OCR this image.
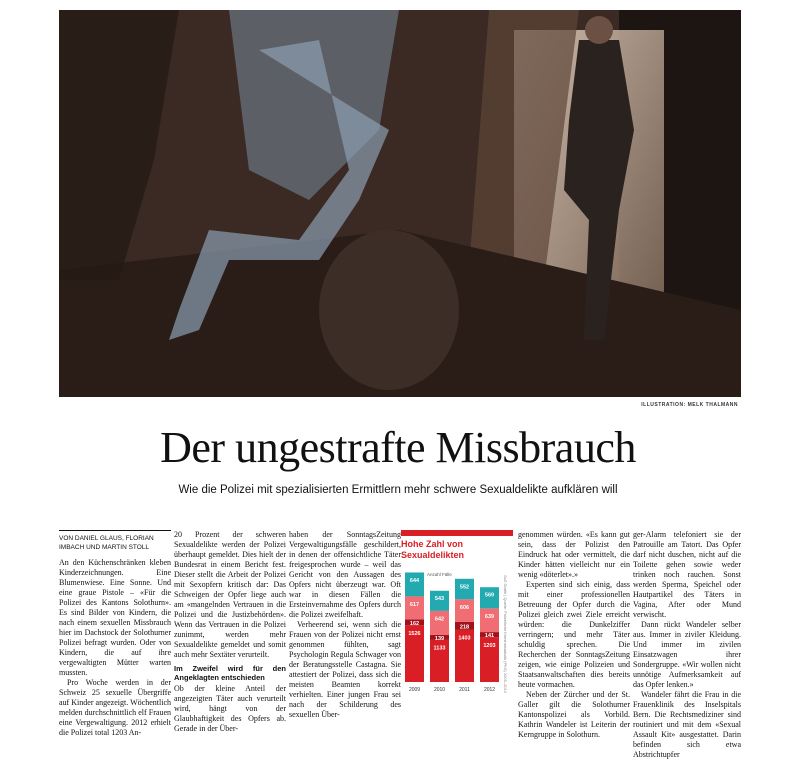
ILLUSTRATION: MELK THALMANN
Der ungestrafte Missbrauch
Wie die Polizei mit spezialisierten Ermittlern mehr schwere Sexualdelikte aufklären will
VON DANIEL GLAUS, FLORIAN
IMBACH UND MARTIN STOLL

An den Küchenschränken kleben Kinderzeichnungen. Eine Blumenwiese. Eine Sonne. Und eine graue Pistole – «Für die Polizei des Kantons Solothurn». Es sind Bilder von Kindern, die nach einem sexuellen Missbrauch hier im Dachstock der Solothurner Polizei befragt wurden. Oder von Kindern, die auf ihre vergewaltigten Mütter warten mussten.

Pro Woche werden in der Schweiz 25 sexuelle Übergriffe auf Kinder angezeigt. Wöchentlich melden durchschnittlich elf Frauen eine Vergewaltigung. 2012 erhielt die Polizei total 1203 An-

20 Prozent der schweren Sexualdelikte werden der Polizei überhaupt gemeldet. Dies hielt der Bundesrat in einem Bericht fest. Dieser stellt die Arbeit der Polizei mit Sexopfern kritisch dar: Das Schweigen der Opfer liege auch am «mangelnden Vertrauen in die Polizei und die Justizbehörden». Wenn das Vertrauen in die Polizei zunimmt, werden mehr Sexualdelikte gemeldet und somit auch mehr Sextäter verurteilt.

Im Zweifel wird für den Angeklagten entschieden

Ob der kleine Anteil der angezeigten Täter auch verurteilt wird, hängt von der Glaubhaftigkeit des Opfers ab. Gerade in der Über-

haben der SonntagsZeitung Vergewaltigungsfälle geschildert, in denen der offensichtliche Täter freigesprochen wurde – weil das Gericht von den Aussagen des Opfers nicht überzeugt war. Oft war in diesen Fällen die Ersteinvernahme des Opfers durch die Polizei zweifelhaft.

Verheerend sei, wenn sich die Frauen von der Polizei nicht ernst genommen fühlten, sagt Psychologin Regula Schwager von der Beratungsstelle Castagna. Sie attestiert der Polizei, dass sich die meisten Beamten korrekt verhielten. Einer jungen Frau sei nach der Schilderung des sexuellen Über-

Hohe Zahl von Sexualdelikten
1526
162
617
644
2009
1133
139
642
543
2010
1403
218
606
552
2011
1203
141
639
569
2012
Anzahl Fälle
SoZ Grafik | Quelle: Polizeiliche Kriminalstatistik (PKS) 2009–2012

genommen würden. «Es kann gut sein, dass der Polizist den Eindruck hat oder vermittelt, die Kinder hätten vielleicht nur ein wenig «döterlet».»

Experten sind sich einig, dass mit einer professionellen Betreuung der Opfer durch die Polizei gleich zwei Ziele erreicht würden: die Dunkelziffer verringern; und mehr Täter schuldig sprechen. Die Recherchen der SonntagsZeitung zeigen, wie einige Polizeien und Staatsanwaltschaften dies bereits heute vormachen.

Neben der Zürcher und der St. Galler gilt die Solothurner Kantonspolizei als Vorbild. Kathrin Wandeler ist Leiterin der Kerngruppe in Solothurn.

ger-Alarm telefoniert sie der Patrouille am Tatort. Das Opfer darf nicht duschen, nicht auf die Toilette gehen sowie weder trinken noch rauchen. Sonst werden Sperma, Speichel oder Hautpartikel des Täters in Vagina, After oder Mund verwischt.

Dann rückt Wandeler selber aus. Immer in ziviler Kleidung. Und immer im zivilen Einsatzwagen ihrer Sondergruppe. «Wir wollen nicht unnötige Aufmerksamkeit auf das Opfer lenken.»

Wandeler fährt die Frau in die Frauenklinik des Inselspitals Bern. Die Rechtsmediziner sind routiniert und mit dem «Sexual Assault Kit» ausgestattet. Darin befinden sich etwa Abstrichtupfer
